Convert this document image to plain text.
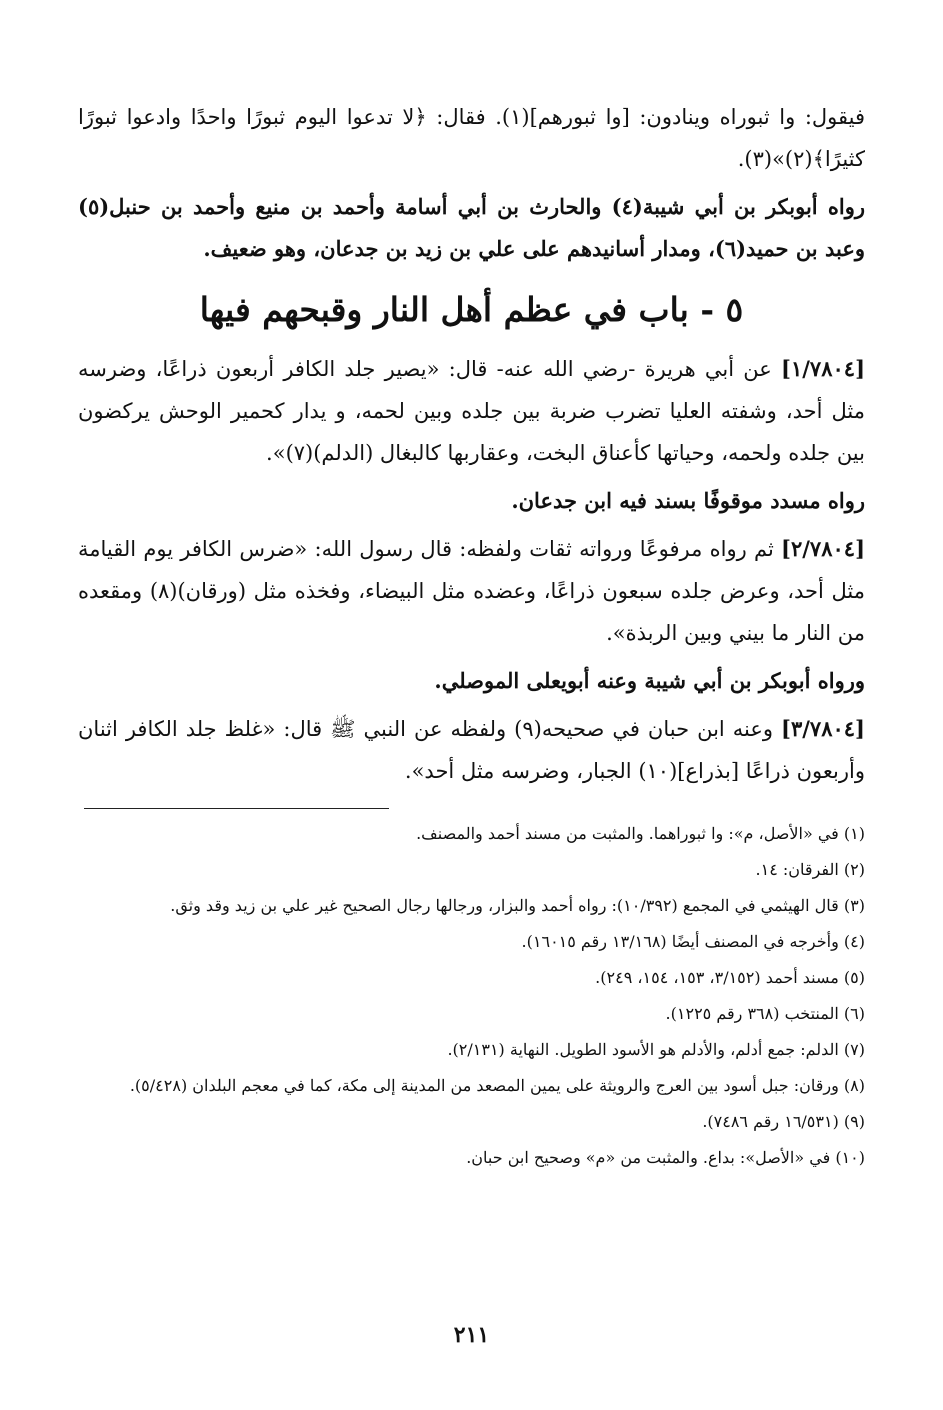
فيقول: وا ثبوراه وينادون: [وا ثبورهم](١). فقال: ﴿لا تدعوا اليوم ثبورًا واحدًا وادعوا ثبورًا كثيرًا﴾(٢)»(٣).

رواه أبوبكر بن أبي شيبة(٤) والحارث بن أبي أسامة وأحمد بن منيع وأحمد بن حنبل(٥) وعبد بن حميد(٦)، ومدار أسانيدهم على علي بن زيد بن جدعان، وهو ضعيف.

٥ - باب في عظم أهل النار وقبحهم فيها

[١/٧٨٠٤] عن أبي هريرة -رضي الله عنه- قال: «يصير جلد الكافر أربعون ذراعًا، وضرسه مثل أحد، وشفته العليا تضرب ضربة بين جلده وبين لحمه، و يدار كحمير الوحش يركضون بين جلده ولحمه، وحياتها كأعناق البخت، وعقاربها كالبغال (الدلم)(٧)».

رواه مسدد موقوفًا بسند فيه ابن جدعان.

[٢/٧٨٠٤] ثم رواه مرفوعًا ورواته ثقات ولفظه: قال رسول الله: «ضرس الكافر يوم القيامة مثل أحد، وعرض جلده سبعون ذراعًا، وعضده مثل البيضاء، وفخذه مثل (ورقان)(٨) ومقعده من النار ما بيني وبين الربذة».

ورواه أبوبكر بن أبي شيبة وعنه أبويعلى الموصلي.

[٣/٧٨٠٤] وعنه ابن حبان في صحيحه(٩) ولفظه عن النبي ﷺ قال: «غلظ جلد الكافر اثنان وأربعون ذراعًا [بذراع](١٠) الجبار، وضرسه مثل أحد».

(١) في «الأصل، م»: وا ثبوراهما. والمثبت من مسند أحمد والمصنف.
(٢) الفرقان: ١٤.
(٣) قال الهيثمي في المجمع (١٠/٣٩٢): رواه أحمد والبزار، ورجالها رجال الصحيح غير علي بن زيد وقد وثق.
(٤) وأخرجه في المصنف أيضًا (١٣/١٦٨ رقم ١٦٠١٥).
(٥) مسند أحمد (٣/١٥٢، ١٥٣، ١٥٤، ٢٤٩).
(٦) المنتخب (٣٦٨ رقم ١٢٢٥).
(٧) الدلم: جمع أدلم، والأدلم هو الأسود الطويل. النهاية (٢/١٣١).
(٨) ورقان: جبل أسود بين العرج والرويثة على يمين المصعد من المدينة إلى مكة، كما في معجم البلدان (٥/٤٢٨).
(٩) (١٦/٥٣١ رقم ٧٤٨٦).
(١٠) في «الأصل»: بداع. والمثبت من «م» وصحيح ابن حبان.
٢١١
